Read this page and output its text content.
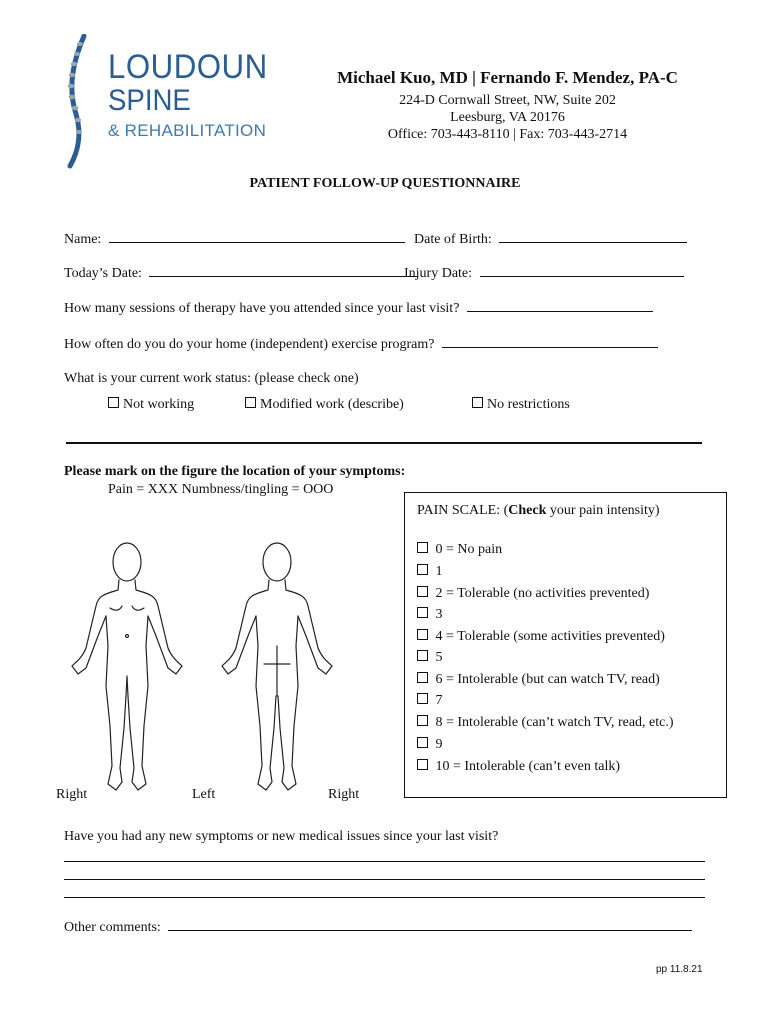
LOUDOUN
SPINE
& REHABILITATION
Michael Kuo, MD | Fernando F. Mendez, PA-C
224-D Cornwall Street, NW, Suite 202
Leesburg, VA 20176
Office: 703-443-8110 | Fax: 703-443-2714
PATIENT FOLLOW-UP QUESTIONNAIRE
Name:	Date of Birth:
Today’s Date:	Injury Date:
How many sessions of therapy have you attended since your last visit?
How often do you do your home (independent) exercise program?
What is your current work status: (please check one)
Not working	Modified work (describe)	No restrictions
Please mark on the figure the location of your symptoms:
Pain = XXX Numbness/tingling = OOO
Right	Left	Right
PAIN SCALE: (Check your pain intensity)
0 = No pain
1
2 = Tolerable (no activities prevented)
3
4 = Tolerable (some activities prevented)
5
6 = Intolerable (but can watch TV, read)
7
8 = Intolerable (can’t watch TV, read, etc.)
9
10 = Intolerable (can’t even talk)
Have you had any new symptoms or new medical issues since your last visit?
Other comments:
pp 11.8.21
